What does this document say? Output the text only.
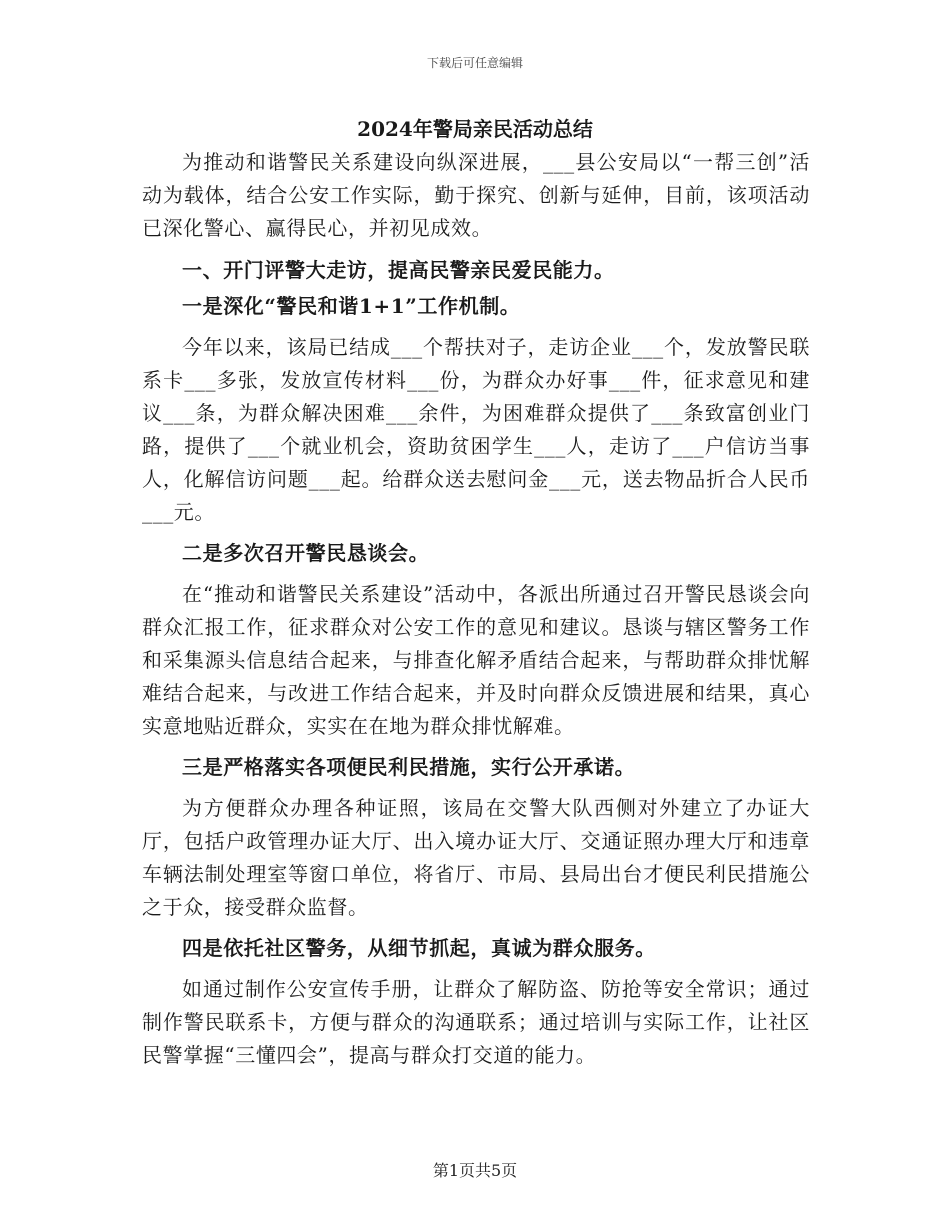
下载后可任意编辑
2024年警局亲民活动总结

为推动和谐警民关系建设向纵深进展，___县公安局以“一帮三创”活动为载体，结合公安工作实际，勤于探究、创新与延伸，目前，该项活动已深化警心、赢得民心，并初见成效。

一、开门评警大走访，提高民警亲民爱民能力。

一是深化“警民和谐1+1”工作机制。

今年以来，该局已结成___个帮扶对子，走访企业___个，发放警民联系卡___多张，发放宣传材料___份，为群众办好事___件，征求意见和建议___条，为群众解决困难___余件，为困难群众提供了___条致富创业门路，提供了___个就业机会，资助贫困学生___人，走访了___户信访当事人，化解信访问题___起。给群众送去慰问金___元，送去物品折合人民币___元。

二是多次召开警民恳谈会。

在“推动和谐警民关系建设”活动中，各派出所通过召开警民恳谈会向群众汇报工作，征求群众对公安工作的意见和建议。恳谈与辖区警务工作和采集源头信息结合起来，与排查化解矛盾结合起来，与帮助群众排忧解难结合起来，与改进工作结合起来，并及时向群众反馈进展和结果，真心实意地贴近群众，实实在在地为群众排忧解难。

三是严格落实各项便民利民措施，实行公开承诺。

为方便群众办理各种证照，该局在交警大队西侧对外建立了办证大厅，包括户政管理办证大厅、出入境办证大厅、交通证照办理大厅和违章车辆法制处理室等窗口单位，将省厅、市局、县局出台才便民利民措施公之于众，接受群众监督。

四是依托社区警务，从细节抓起，真诚为群众服务。

如通过制作公安宣传手册，让群众了解防盗、防抢等安全常识；通过制作警民联系卡，方便与群众的沟通联系；通过培训与实际工作，让社区民警掌握“三懂四会”，提高与群众打交道的能力。

第1页共5页
